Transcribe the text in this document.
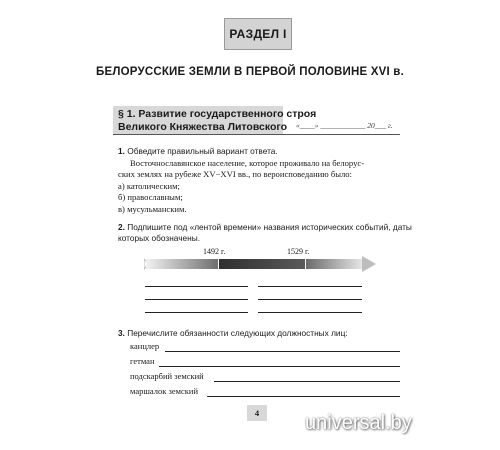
РАЗДЕЛ I
БЕЛОРУССКИЕ ЗЕМЛИ В ПЕРВОЙ ПОЛОВИНЕ XVI в.
§ 1. Развитие государственного строя
Великого Княжества Литовского	«____» ____________ 20___ г.
1. Обведите правильный вариант ответа.
Восточнославянское население, которое проживало на белорус-
ских землях на рубеже XV−XVI вв., по вероисповеданию было:
а) католическим;
б) православным;
в) мусульманским.
2. Подпишите под «лентой времени» названия исторических событий, даты
которых обозначены.
1492 г.	1529 г.
3. Перечислите обязанности следующих должностных лиц:
канцлер
гетман
подскарбий земский
маршалок земский
4	universal.by
